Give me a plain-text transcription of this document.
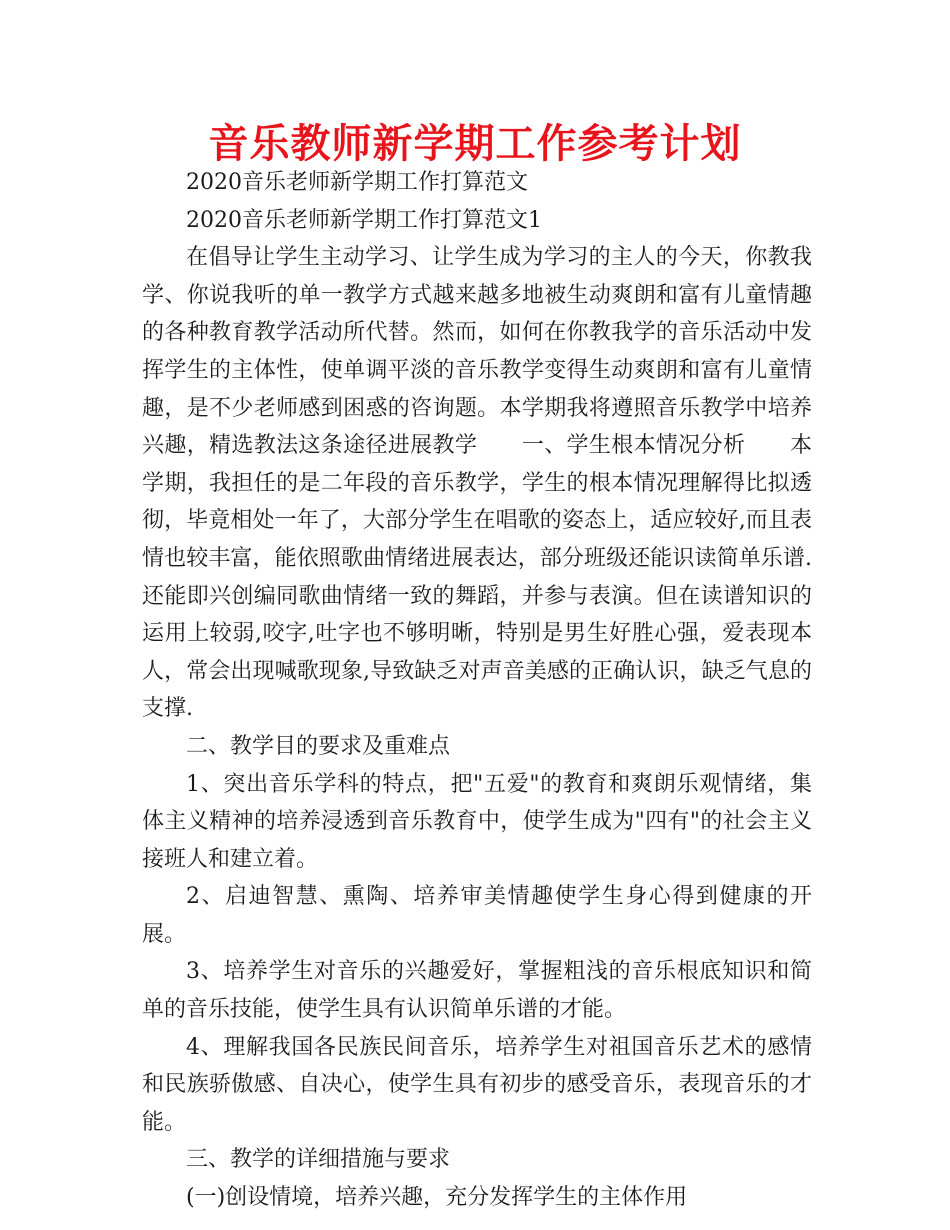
音乐教师新学期工作参考计划

2020音乐老师新学期工作打算范文

2020音乐老师新学期工作打算范文1

在倡导让学生主动学习、让学生成为学习的主人的今天，你教我学、你说我听的单一教学方式越来越多地被生动爽朗和富有儿童情趣的各种教育教学活动所代替。然而，如何在你教我学的音乐活动中发挥学生的主体性，使单调平淡的音乐教学变得生动爽朗和富有儿童情趣，是不少老师感到困惑的咨询题。本学期我将遵照音乐教学中培养兴趣，精选教法这条途径进展教学　　一、学生根本情况分析　　本学期，我担任的是二年段的音乐教学，学生的根本情况理解得比拟透彻，毕竟相处一年了，大部分学生在唱歌的姿态上，适应较好,而且表情也较丰富，能依照歌曲情绪进展表达，部分班级还能识读简单乐谱.还能即兴创编同歌曲情绪一致的舞蹈，并参与表演。但在读谱知识的运用上较弱,咬字,吐字也不够明晰，特别是男生好胜心强，爱表现本人，常会出现喊歌现象,导致缺乏对声音美感的正确认识，缺乏气息的支撑.

二、教学目的要求及重难点

1、突出音乐学科的特点，把"五爱"的教育和爽朗乐观情绪，集体主义精神的培养浸透到音乐教育中，使学生成为"四有"的社会主义接班人和建立着。

2、启迪智慧、熏陶、培养审美情趣使学生身心得到健康的开展。

3、培养学生对音乐的兴趣爱好，掌握粗浅的音乐根底知识和简单的音乐技能，使学生具有认识简单乐谱的才能。

4、理解我国各民族民间音乐，培养学生对祖国音乐艺术的感情和民族骄傲感、自决心，使学生具有初步的感受音乐，表现音乐的才能。

三、教学的详细措施与要求

(一)创设情境，培养兴趣，充分发挥学生的主体作用
